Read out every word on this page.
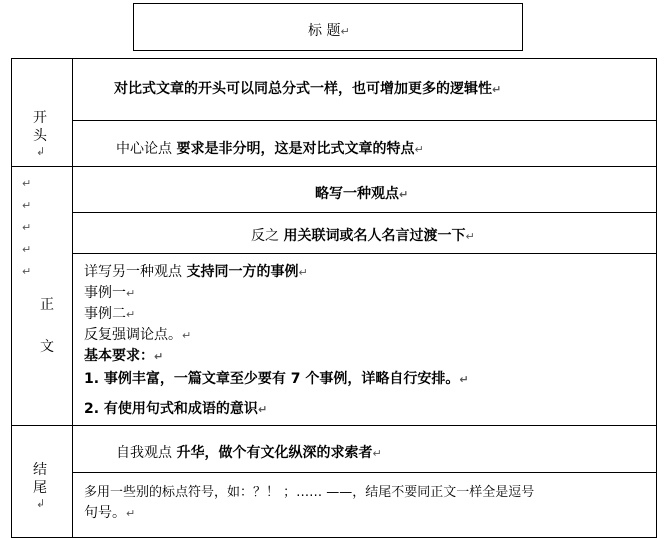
标 题↵
开
头
↲
对比式文章的开头可以同总分式一样，也可增加更多的逻辑性↵
中心论点 要求是非分明，这是对比式文章的特点↵
↵
↵
↵
↵
↵
正
文
略写一种观点↵
反之 用关联词或名人名言过渡一下↵
详写另一种观点 支持同一方的事例↵
事例一↵
事例二↵
反复强调论点。↵
基本要求：↵
1. 事例丰富，一篇文章至少要有 7 个事例，详略自行安排。↵
2. 有使用句式和成语的意识↵
结
尾
↲
自我观点 升华，做个有文化纵深的求索者↵
多用一些别的标点符号，如：？！ ；…… ——，结尾不要同正文一样全是逗号
句号。↵
